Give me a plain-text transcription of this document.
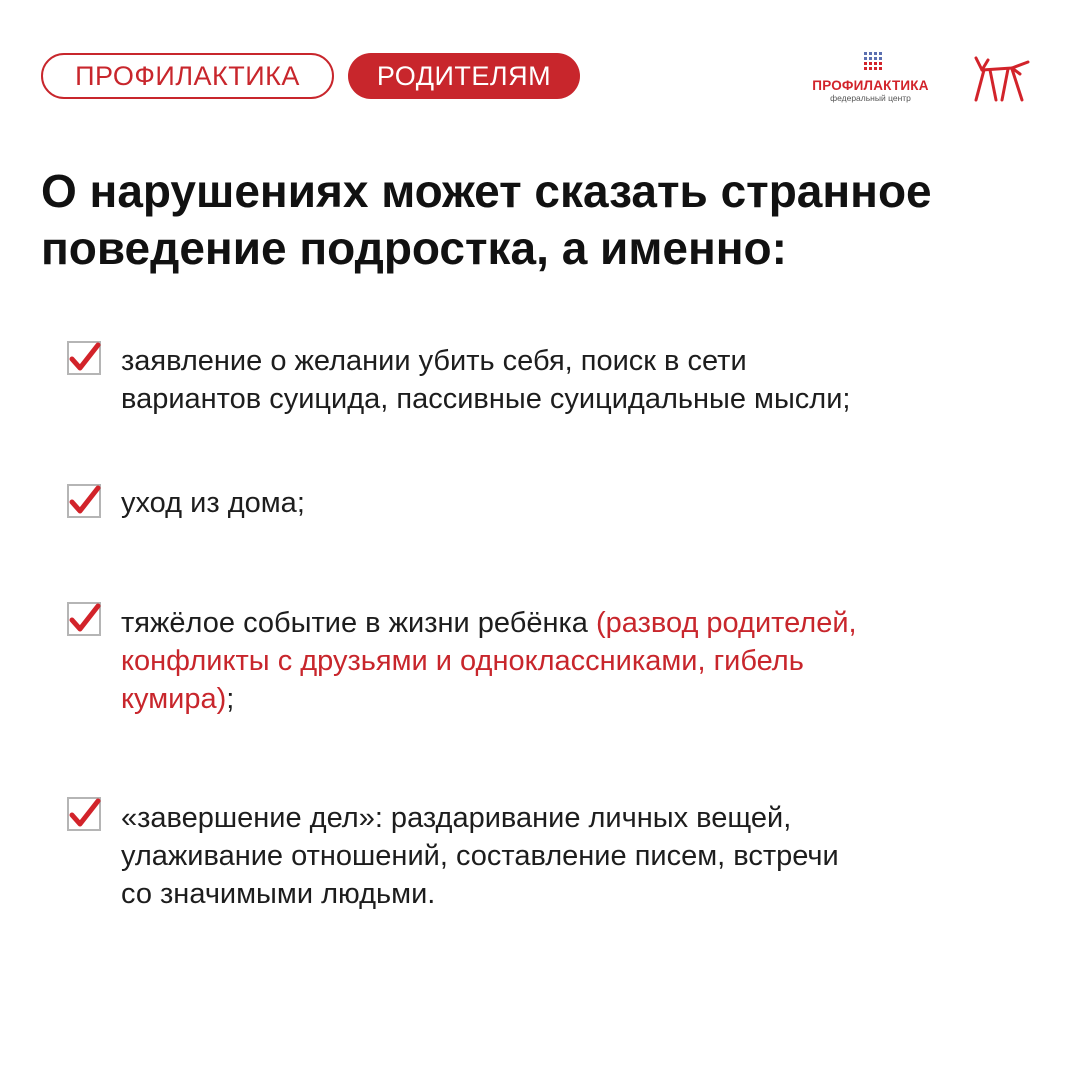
ПРОФИЛАКТИКА	РОДИТЕЛЯМ	ПРОФИЛАКТИКА
федеральный центр
О нарушениях может сказать странное
поведение подростка, а именно:

заявление о желании убить себя, поиск в сети
вариантов суицида, пассивные суицидальные мысли;

уход из дома;

тяжёлое событие в жизни ребёнка (развод родителей,
конфликты с друзьями и одноклассниками, гибель
кумира);

«завершение дел»: раздаривание личных вещей,
улаживание отношений, составление писем, встречи
со значимыми людьми.
